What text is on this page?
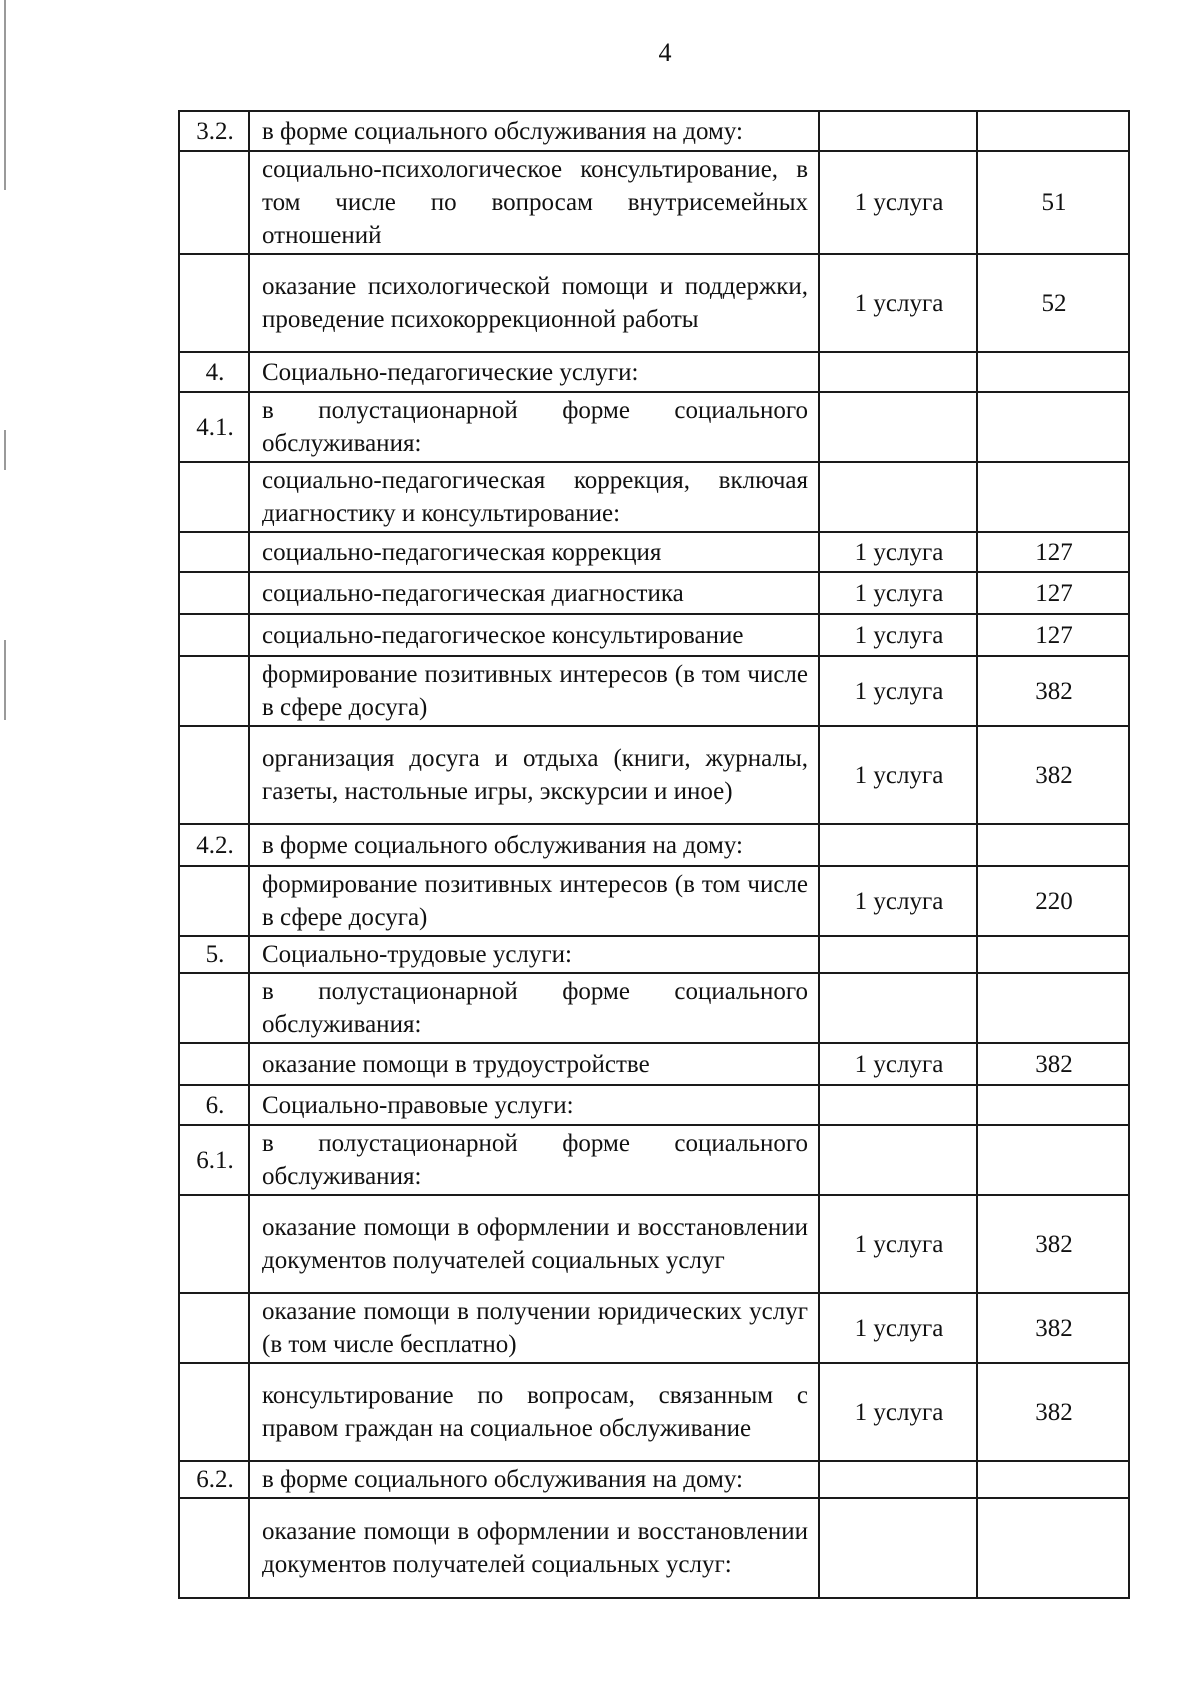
4
3.2.	в форме социального обслуживания на дому:		
	социально-психологическое консультирование, в том числе по вопросам внутрисемейных отношений	1 услуга	51
	оказание психологической помощи и поддержки, проведение психокоррекционной работы	1 услуга	52
4.	Социально-педагогические услуги:		
4.1.	в полустационарной форме социального обслуживания:		
	социально-педагогическая коррекция, включая диагностику и консультирование:		
	социально-педагогическая коррекция	1 услуга	127
	социально-педагогическая диагностика	1 услуга	127
	социально-педагогическое консультирование	1 услуга	127
	формирование позитивных интересов (в том числе в сфере досуга)	1 услуга	382
	организация досуга и отдыха (книги, журналы, газеты, настольные игры, экскурсии и иное)	1 услуга	382
4.2.	в форме социального обслуживания на дому:		
	формирование позитивных интересов (в том числе в сфере досуга)	1 услуга	220
5.	Социально-трудовые услуги:		
	в полустационарной форме социального обслуживания:		
	оказание помощи в трудоустройстве	1 услуга	382
6.	Социально-правовые услуги:		
6.1.	в полустационарной форме социального обслуживания:		
	оказание помощи в оформлении и восстановлении документов получателей социальных услуг	1 услуга	382
	оказание помощи в получении юридических услуг (в том числе бесплатно)	1 услуга	382
	консультирование по вопросам, связанным с правом граждан на социальное обслуживание	1 услуга	382
6.2.	в форме социального обслуживания на дому:		
	оказание помощи в оформлении и восстановлении документов получателей социальных услуг:		
